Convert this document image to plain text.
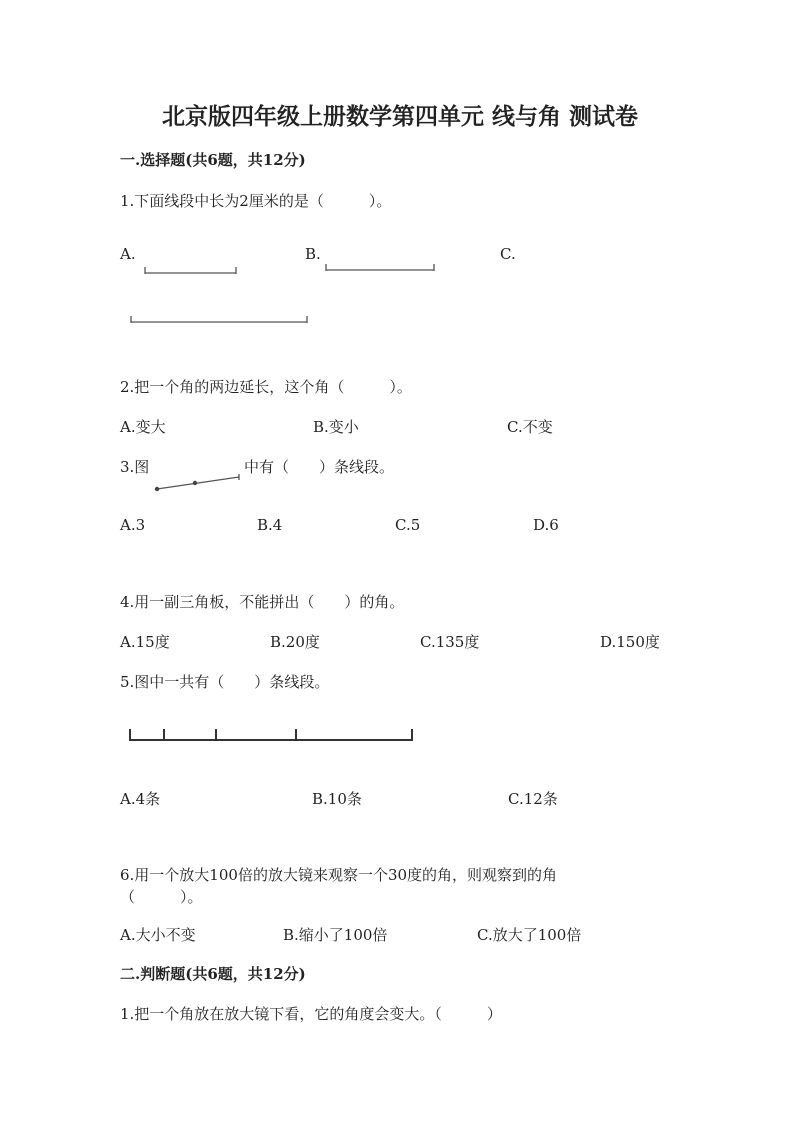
北京版四年级上册数学第四单元 线与角 测试卷
一.选择题(共6题，共12分)
1.下面线段中长为2厘米的是（　　　）。
A.	B.	C.
2.把一个角的两边延长，这个角（　　　）。
A.变大	B.变小	C.不变
3.图	中有（　　）条线段。
A.3	B.4	C.5	D.6
4.用一副三角板，不能拼出（　　）的角。
A.15度	B.20度	C.135度	D.150度
5.图中一共有（　　）条线段。
A.4条	B.10条	C.12条
6.用一个放大100倍的放大镜来观察一个30度的角，则观察到的角
（　　　）。
A.大小不变	B.缩小了100倍	C.放大了100倍
二.判断题(共6题，共12分)
1.把一个角放在放大镜下看，它的角度会变大。（　　　）
